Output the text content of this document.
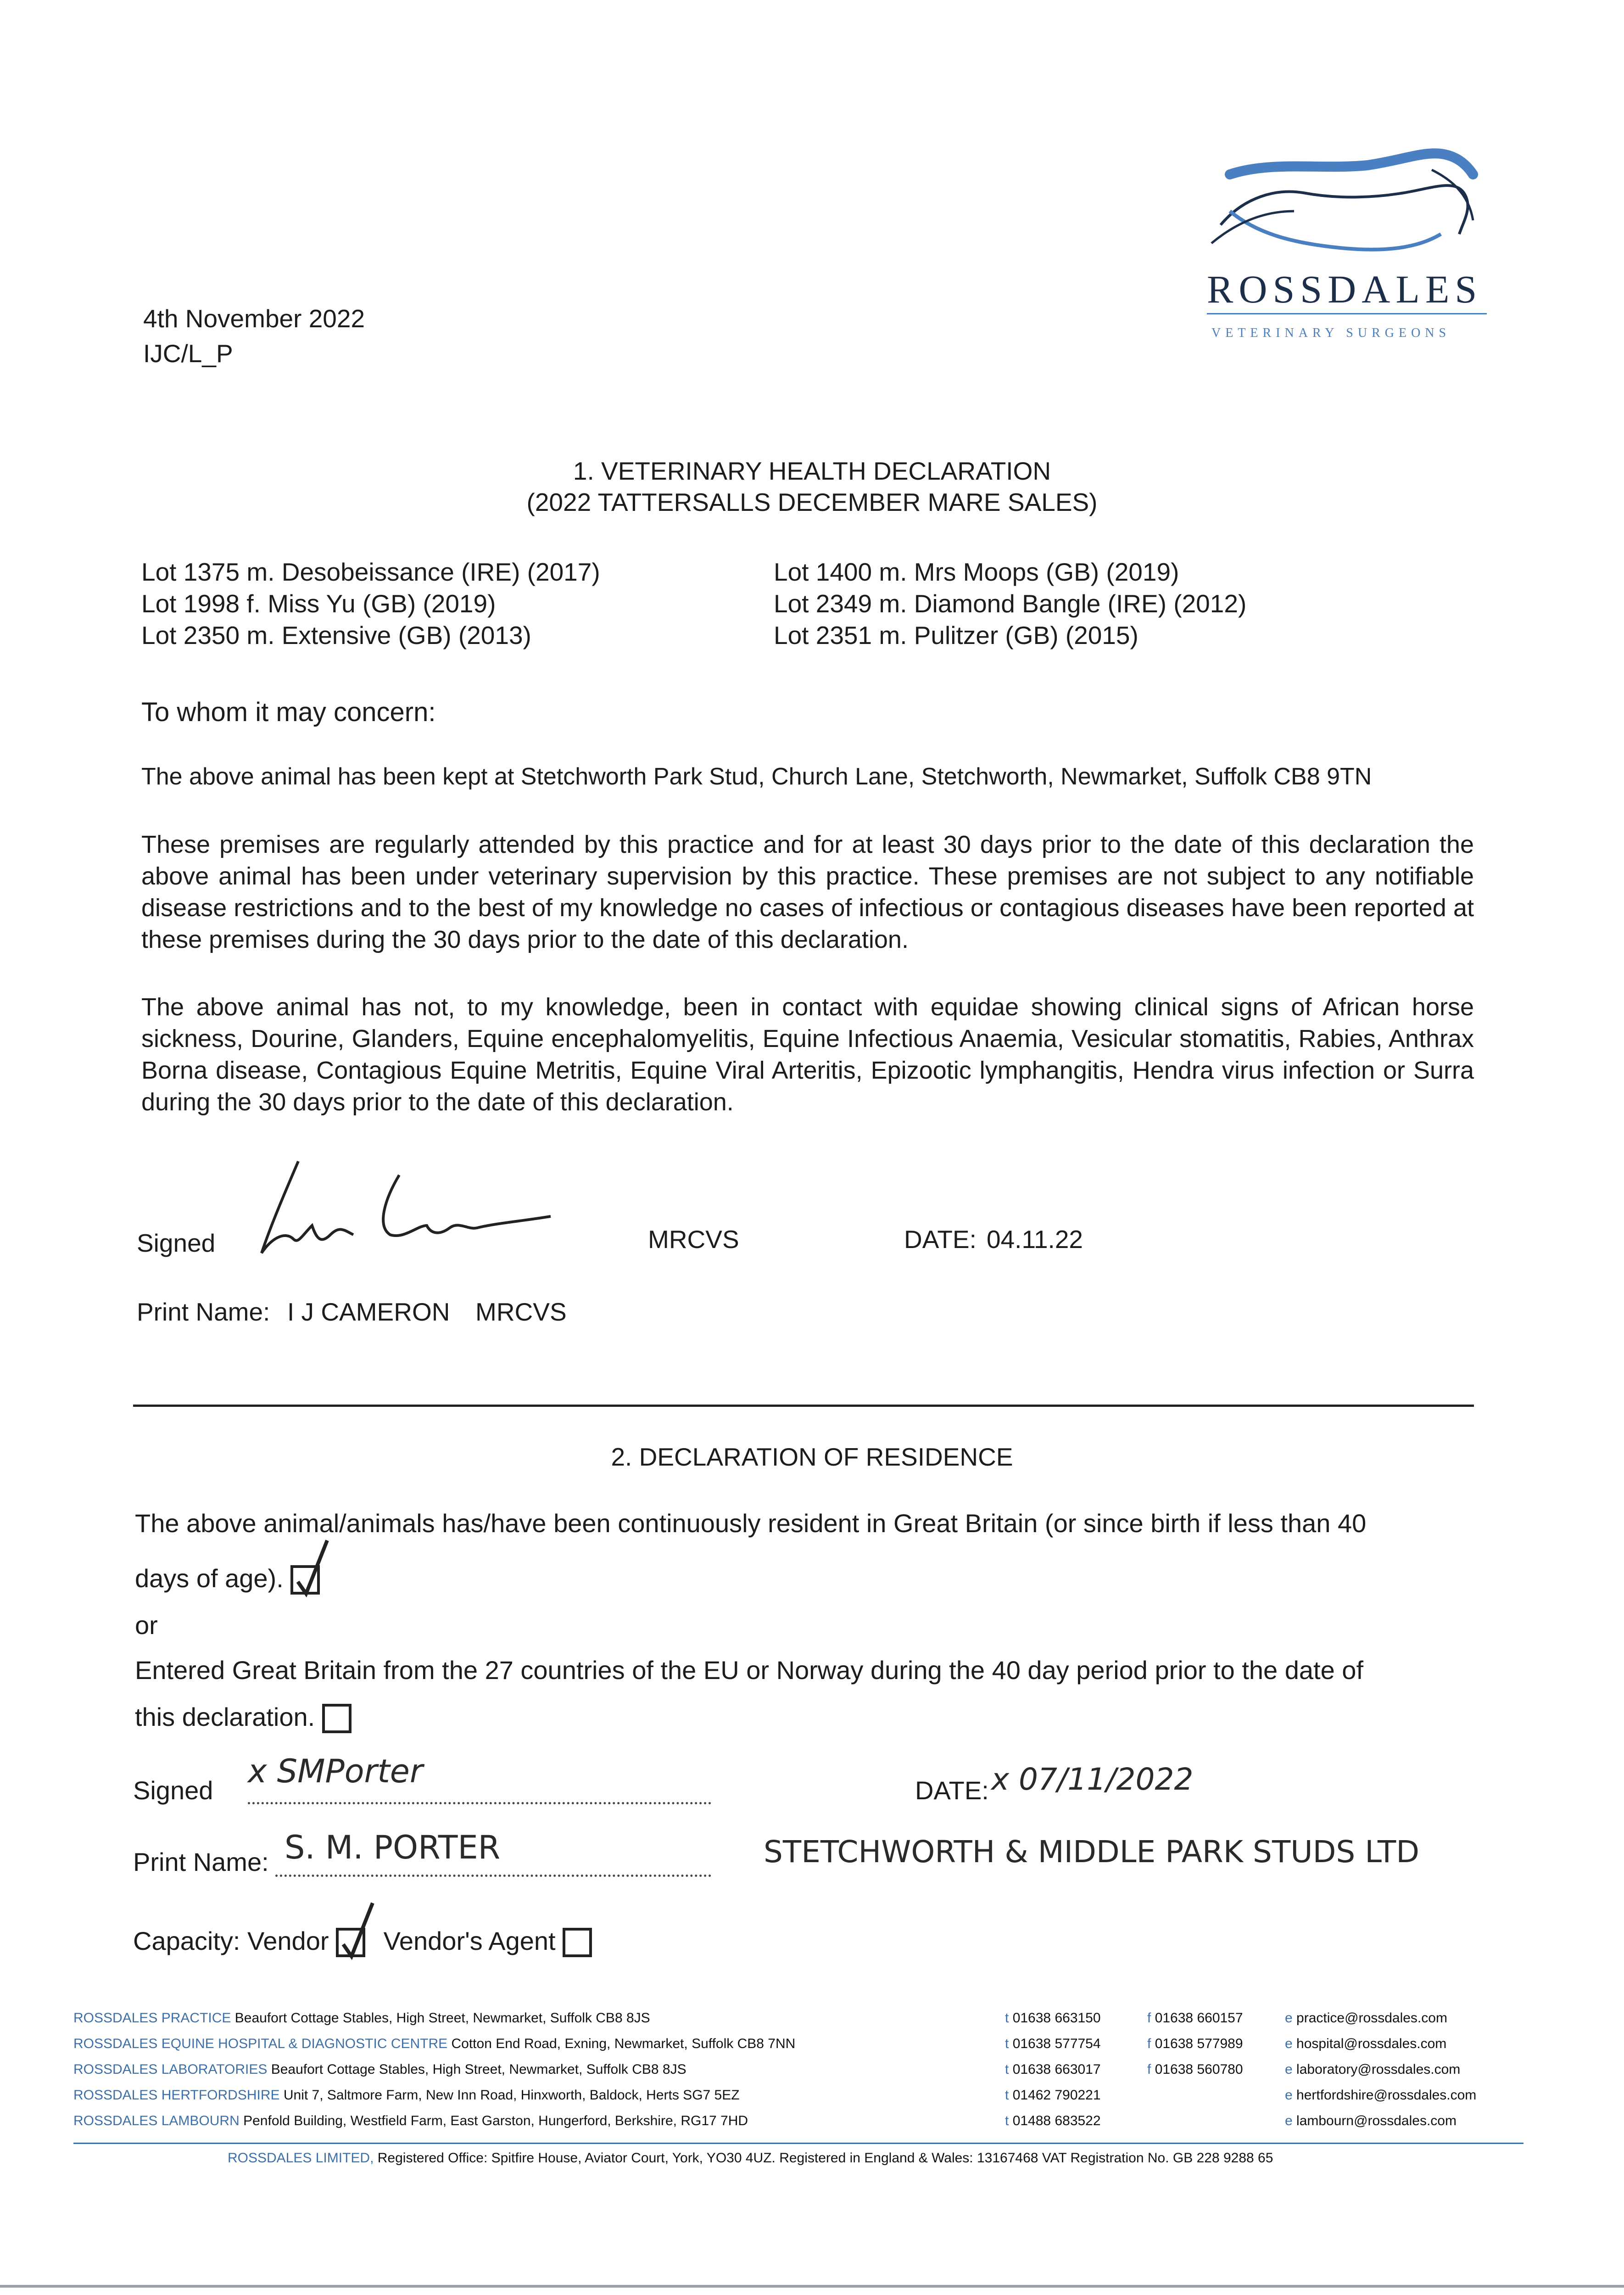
4th November 2022
IJC/L_P
ROSSDALES
VETERINARY SURGEONS
1. VETERINARY HEALTH DECLARATION
(2022 TATTERSALLS DECEMBER MARE SALES)
Lot 1375 m. Desobeissance (IRE) (2017)
Lot 1998 f. Miss Yu (GB) (2019)
Lot 2350 m. Extensive (GB) (2013)
Lot 1400 m. Mrs Moops (GB) (2019)
Lot 2349 m. Diamond Bangle (IRE) (2012)
Lot 2351 m. Pulitzer (GB) (2015)
To whom it may concern:
The above animal has been kept at Stetchworth Park Stud, Church Lane, Stetchworth, Newmarket, Suffolk CB8 9TN
These premises are regularly attended by this practice and for at least 30 days prior to the date of this declaration the above animal has been under veterinary supervision by this practice. These premises are not subject to any notifiable disease restrictions and to the best of my knowledge no cases of infectious or contagious diseases have been reported at these premises during the 30 days prior to the date of this declaration.
The above animal has not, to my knowledge, been in contact with equidae showing clinical signs of African horse sickness, Dourine, Glanders, Equine encephalomyelitis, Equine Infectious Anaemia, Vesicular stomatitis, Rabies, Anthrax Borna disease, Contagious Equine Metritis, Equine Viral Arteritis, Epizootic lymphangitis, Hendra virus infection or Surra during the 30 days prior to the date of this declaration.
Signed	MRCVS	DATE: 04.11.22
Print Name: I J CAMERON MRCVS
2. DECLARATION OF RESIDENCE
The above animal/animals has/have been continuously resident in Great Britain (or since birth if less than 40
days of age).
or
Entered Great Britain from the 27 countries of the EU or Norway during the 40 day period prior to the date of
this declaration.
Signed
x SMPorter
DATE: x 07/11/2022
Print Name: S. M. PORTER	STETCHWORTH & MIDDLE PARK STUDS LTD
Capacity: Vendor Vendor's Agent
ROSSDALES PRACTICE Beaufort Cottage Stables, High Street, Newmarket, Suffolk CB8 8JS	t 01638 663150	f 01638 660157	e practice@rossdales.com
ROSSDALES EQUINE HOSPITAL & DIAGNOSTIC CENTRE Cotton End Road, Exning, Newmarket, Suffolk CB8 7NN	t 01638 577754	f 01638 577989	e hospital@rossdales.com
ROSSDALES LABORATORIES Beaufort Cottage Stables, High Street, Newmarket, Suffolk CB8 8JS	t 01638 663017	f 01638 560780	e laboratory@rossdales.com
ROSSDALES HERTFORDSHIRE Unit 7, Saltmore Farm, New Inn Road, Hinxworth, Baldock, Herts SG7 5EZ	t 01462 790221	e hertfordshire@rossdales.com
ROSSDALES LAMBOURN Penfold Building, Westfield Farm, East Garston, Hungerford, Berkshire, RG17 7HD	t 01488 683522	e lambourn@rossdales.com
ROSSDALES LIMITED, Registered Office: Spitfire House, Aviator Court, York, YO30 4UZ. Registered in England & Wales: 13167468 VAT Registration No. GB 228 9288 65
